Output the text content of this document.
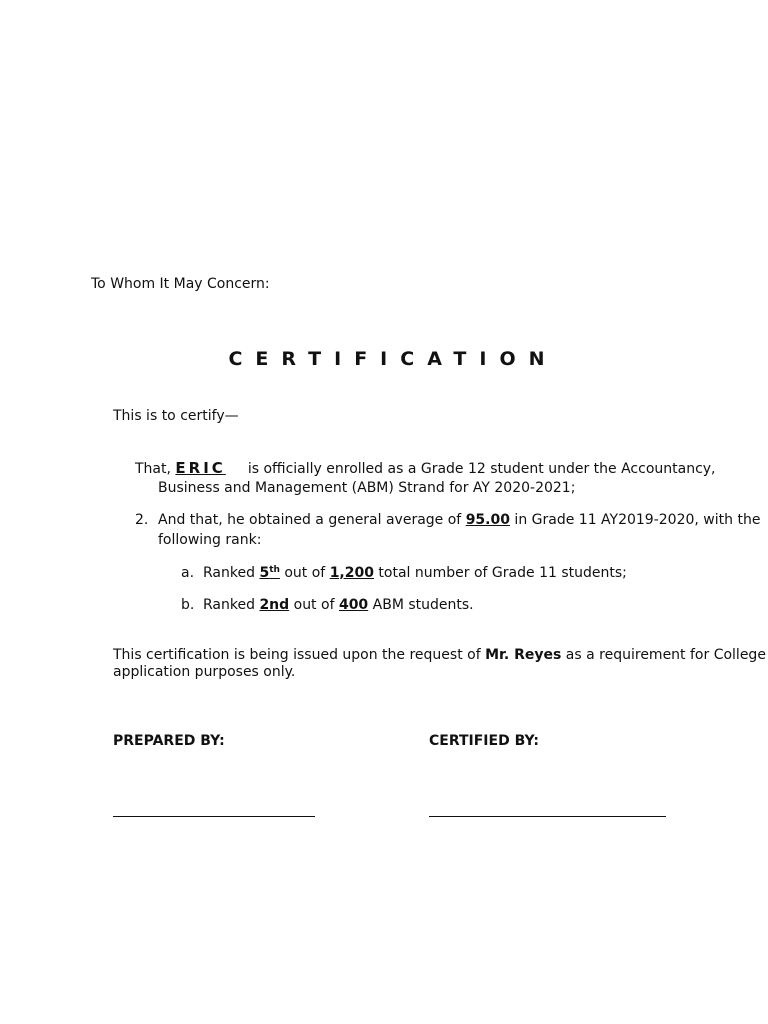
To Whom It May Concern:
CERTIFICATION
This is to certify—
That, ERIC is officially enrolled as a Grade 12 student under the Accountancy,
Business and Management (ABM) Strand for AY 2020-2021;
2. And that, he obtained a general average of 95.00 in Grade 11 AY2019-2020, with the
following rank:
a. Ranked 5th out of 1,200 total number of Grade 11 students;
b. Ranked 2nd out of 400 ABM students.
This certification is being issued upon the request of Mr. Reyes as a requirement for College
application purposes only.
PREPARED BY:	CERTIFIED BY:
